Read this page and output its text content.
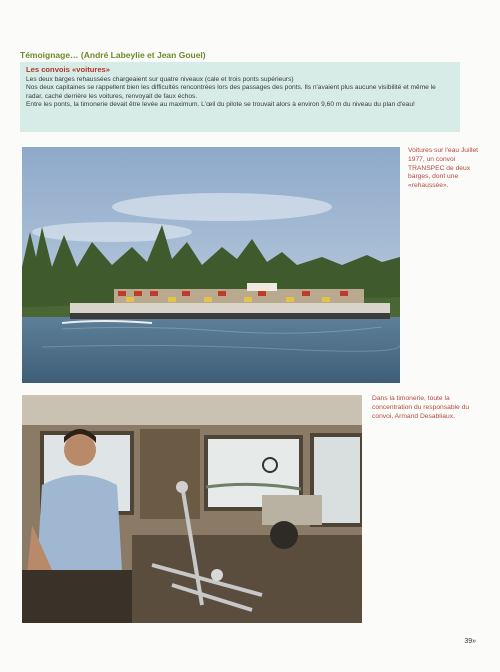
Témoignage… (André Labeylie et Jean Gouel)
Les convois «voitures»

Les deux barges rehaussées chargeaient sur quatre niveaux (cale et trois ponts supérieurs)

Nos deux capitaines se rappellent bien les difficultés rencontrées lors des passages des ponts. Ils n'avaient plus aucune visibilité et même le radar, caché derrière les voitures, renvoyait de faux échos.

Entre les ponts, la timonerie devait être levée au maximum. L'œil du pilote se trouvait alors à environ 9,60 m du niveau du plan d'eau!

Voitures sur l'eau Juillet 1977, un convoi TRANSPEC de deux barges, dont une «rehaussée».
Dans la timonerie, toute la concentration du responsable du convoi, Armand Desabliaux.
39»
